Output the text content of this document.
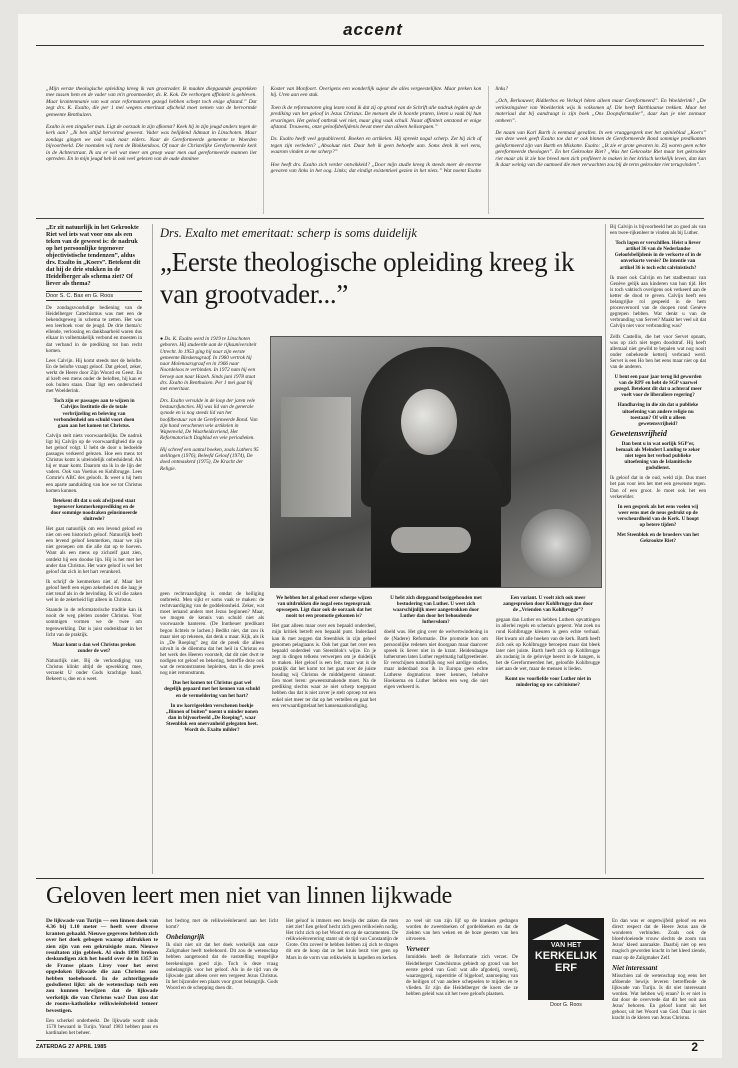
accent

„Mijn eerste theologische opleiding kreeg ik van grootvader. Ik maakte diepgaande gesprekken mee tussen hem en de vader van m'n grootmoeder, ds. R. Kok. De verborgen affiniteit is gebleven. Maar krantenmanie van wat onze reformatoren gezegd hebben schept toch enige afstand.” Dat zegt drs. K. Exalto, die per 1 mei wegens emeritaat afscheid moet nemen van de hervormde gemeente Benthuizen.

Exalto is een zingulier man. Ligt de oorzaak in zijn afkomst? Keek hij in zijn jeugd anders tegen de kerk aan? „Ik ben altijd hervormd geweest. Vader was belijdend lidmaat in Linschoten. Maar zondags gingen we ook vaak naar elders. Naar de Gereformeerde gemeente te Woerden bijvoorbeeld. Die noemden wij toen de Blokkendoos. Of naar de Christelijke Gereformeerde kerk in de Achterstraat. Ik sta er wel wat meer om groep waar men oud gereformeerde mannen liet optreden. En in mijn jeugd heb ik ook veel gelezen van de oude dominee

Koster van Monfoort. Overigens een wonderlijk sujeur die alles vergeestelijkte. Maar preken kon hij. Uren aan een stuk.

Toen ik de reformatoren ging lezen vond ik dat zij op grond van de Schrift alle nadruk legden op de prediking van het geloof in Jezus Christus. De mensen die ik hoorde praten, lieten u vaak bij hun ervaringen. Het geloof ontbrak wel niet, maar ging vaak schuil. Naast affiniteit ontstond er enige afstand. Trouwens, onze geloofsbelijdenis bevat meer dan alleen heilsorgaen.”

Ds. Exalto heeft veel gepubliceerd. Boeken en artikelen. Hij spreekt nogal scherp. Zet hij zich af tegen zijn verleden? „Absoluut niet. Daar heb ik geen behoefte aan. Soms denk ik wel eens, waarom vinden ze me scherp?”

Hoe heeft drs. Exalto zich verder ontwikkeld? „Door mijn studie kreeg ik steeds meer de enorme gevaren van links in het oog. Links; dat eindigt existentieel gezien in het niets.” Wat noemt Exalto links?

„Och, Berkouwer, Ridderbos en Verkuyl hèten alleen maar Gereformeerd”. En Woelderink? „De verkiezingsleer van Woelderink wijs ik volkomen af. Die heeft Barthiaanse trekken. Maar het materiaal dat bij aandraagt is zijn boek „Ons Doopsformulier”, daar kun je niet zonnaar omheen”.

De naam van Karl Barth is eenmaal gevallen. In een vraaggesprek met het opinieblad „Koers” van deze week geeft Exalto toe dat er ook binnen de Gereformeerde Bond sommige predikanten geïnformeerd zijn van Barth en Miskotte. Exalto: „Ik zie er grote gevaren in. Zij waren geen echte gereformeerde theologen”. En het Gekrookte Riet? „Was het Gekrookte Riet maar het gekrookte riet maar als ik zie hoe breed men zich profileert in maken in het kritisch kerkelijk leven, dan kan ik daar weinig van die outmoed die men verwachten zou bij de term gekrookte riet terugvinden”.

„Er zit natuurlijk in het Gekrookte Riet wel iets wat voor ons als een teken van de geweest is: de nadruk op het persoonlijke tegenover objectivistische tendenzen”, aldus drs. Exalto in „Koers”. Betekent dit dat hij de drie stukken in de Heidelberger als schema ziet? Of liever als thema?

Door S. C. Bax en G. Roos

De zondagsvoorkdige bediening van de Heidelberger Catechismus was met een de bekendsgeweg in schema te zetten. Het was een leerboek voor de jeugd. De drie thema's: ellende, verlossing en dankbaarheid waren dus elkaar in volbemakelijk verbond en moesten in dat verband in de prediking tot hun recht komen.

Lees Calvijn. Hij komt steeds met de belofte. En de belofte vraagt geloof. Dat geloof, zeker, werkt de Heere door Zijn Woord en Geest. En al kreft een mens onder de beloften, hij kan er ook buiten staan. Daar ligt een onderscheid met Woelderink.

Toch zijn er passages aan te wijzen in Calvijns Institutie die de totale verbrijzeling en beleving van verbondenheid om schuld voort doen gaan aan het komen tot Christus.

Calvijn stelt niets voorwaardelijks. De nadruk ligt bij Calvijn op de voorwaardigheid die op het geloof volgt. U hebt de door u bedoelde passages verkeerd gelezen. Hoe een mens tot Christus komt is uiteindelijk onbeduidend. Als hij er maar komt. Daarom sta ik in de lijn der vaders. Ook van Voetius en Kohlbrugge. Lees Comrie's ABC des geloofs. Ik weet u hij hem een aparte aanduiding van hoe we tot Christus komen kunnen.

Betekent dit dat u ook afwijzend staat tegenover kenmerkenprediking en de door sommige noodzaken geïnsinueerde sluitrede?

Het gaat natuurlijk om een levend geloof en niet om een historisch geloof. Natuurlijk heeft een levend geloof kenmerken, maar we zijn niet geroepen om die alle dat op te hoeven. Want als een mens op zichzelf gaat zien, ontdekt hij een doodse lijn. Hij is het met het ander dan Christus. Het ware geloof is wel het geloof dat zich in het hart verankerd.

Ik schrijf de kenmerken niet af. Maar het geloof heeft een eigen zekerheid en die laag je niet tenaf als in de bevinding. Ik wil die zaken wel in de zekerheid ligt alleen in Christus.

Staande in de reformatorische traditie kan ik nooit de weg pleiten zonder Christus. Voor sommigen vormen we de twee om tegenwerkling. Dat is juist ondenkbaar in het licht van de praktijk.

Maar komt u dan wel Christus preken zonder de wet?

Natuurlijk niet. Bij de verkondiging van Christus klinkt altijd de opwekking mee, verzoekt U onder Gods krachtige hand. Bekeert u, doe en u weet.

Drs. Exalto met emeritaat: scherp is soms duidelijk
„Eerste theologische opleiding kreeg ik van grootvader...”

● Ds. K. Exalto werd in 1919 te Linschoten geboren. Hij studeerde aan de rijksuniversiteit Utrecht. In 1953 ging hij naar zijn eerste gemeente Bleskensgraaf. In 1960 vertrok hij naar Molenaarsgraaf en in 1966 naar Noordeloos te verbinden. In 1972 nam hij een beroep aan naar Hazeh. Sinds juni 1978 staat drs. Exalto in Benthuizen. Per 1 mei gaat hij met emeritaat.

Drs. Exalto vervulde in de loop der jaren vele bestuursfuncties. Hij was lid van de generale synode en is nog steeds lid van het hoofdbestuur van de Gereformeerde Bond. Van zijn hand verschenen vele artikelen in Wapenveld, De Waarheidsvriend, Het Reformatorisch Dagblad en vele periodieken.

Hij schreef een aantal boeken, zoals Luthers 95 stellingen (1976), Beleefd Geloof (1974), De doed ontmaskerd (1975), De Kracht der Religie.

geen rechtvaardiging is omdat de heiliging ontbreekt. Men sijkt er soms vaak te maken: de rechtvaardiging van de goddeloosheid. Zeker, wat moet iemand anders met Jezus beginnen? Maar, we mogen de kennis van schuld niet als voorwaarde hanteren. (De Inntheuer predikant begon lichteis te lachen.) Bedikt niet, dat zou ik maar niet op rekenen, dat denk u maar. Kijk, als ik in „De Roeping” zeg dat de preek die alleen uitvult in de dilemma dat het heil in Christus en het werk des Heeren voorstelt, dat dit niet dwrt te nodigen tot geloof en bekering, betreffie deze ook wat de remonstranten bepleiten, dan is die preek nog niet remonstrants.

Dus het komen tot Christus gaat wel degelijk gepaard met het kennen van schuld en de vermeldering van het hart?

In uw korrigeelden verschenen boekje „Binnen of buiten” noemt u minder nonen dan in bijvoorbeeld „De Roeping”, waar Steenblok een onervanheid gelegaten heet. Wordt ds. Exalto milder?

We hebben het al gehad over scherpe wijzen van uitdrukken die nogal eens tegenspraak opwoepen. Ligt daar ook de oorzaak dat het nooit tot een promotie gekomen is?

Het gaat alleen maar over een bepaald onderdeel, mijn kritiek betreft een bepaald punt. Inderdaad kan ik met zeggen dat Steenblok in zijn geheel genomen pelagiaans is. Ook het gaat het over een bepaald onderdeel van Steenblok's wijze. En je zegt in dingen telkens verwerpen om je duidelijk te maken. Het geloof is een feit, maar wat is de praktijk dat het komt tot het gaat over de juiste houding wij Christus de middelgeerst sinneart. Een moet leren: geweestsmakende moet. Na de prediking slechts waar ze niet scherp toegepast hebben dus dat is niet zover je stelt oproep tot een enkel niet meer ter dat op het vertellen en gaat het een verwaardigstelaat het kansenaankondiging.

U hebt zich diepgaand beziggehouden met bestudering van Luther. U weet zich waarschijnlijk meer aangetrokken door Luther dan door het behoudende luthersdom?

doeld was. Het ging over de welvertwindening in de (Nadere) Reformatie. Die promotie kon om persoonlijke redenen niet doorgaan maar daarover spreek ik liever niet in de krant. Heidendaagse luthersmen laten Luther regelmatig halfgreetlenier. Er verschijnen natuurlijk nog wel aardige studies, maar inderdaad zou ik in Europa geen echte Lutherse dogmaticus meer kennen, behalve Hoeksema en Luther hebben een weg die niet eigen verkeerd is.

Een variant. U voelt zich ook meer aangesproken door Kohlbrugge dan door de „Vrienden van Kohlbrugge”?

gegaan dan Luther en hebben Luthers opvattingen in allerlei regels en schema's geperst. Wat zoek nu rond Kohlbrugge kleuren is geen echte verhaal. Het kwam uit alle hoeken van de kerk. Barth heeft zich ook op Kohlbrugge beroepen maar dat bleek later niet juiste. Barth heeft zich op Kohlbrugge als zodanig in de gelovige heerst in de hangen, is het de Gereformeerden het, geloofde Kohlbrugge niet aan de wet, maar de mensen is lieden.

Komt uw voorliefde voor Luther niet in mindering op uw calvinisme?

Bij Calvijn is bijvoorbeeld het zo goed als van een twee-rijkenleer te vinden als bij Luther.

Toch lagen er verschillen. Heist u liever artikel 36 van de Nederlandse Geloofsbelijdenis in de verkorte of in de onverkorte versie? De intentie van artikel 36 is toch echt calvinistisch?

Ik moet ook Calvijn en het stadbestuur van Genève gelijk aan kinderen van hun tijd. Het is toch vaktisch overigens ook verkeerd aan de ketter de dood te geven. Calvijn heeft een belangrijke rol gespeeld in de hem procesveroord van de doopen rond Genève gegrepen hebben. Wat denkt u van de verbranding van Servet? Maakt het veel uit dat Calvijn niet voor verbranding was?

Zelfs Castellio, die het voor Servet opnam, was op zich niet tegen doodstraf. Hij heeft allemaal niet gewild te bepalen wat nog nooit onder onbekende ketterij verbrand werd. Servet is een Ho ben het eens maar niet op dat van de anderen.

U bent een paar jaar terug lid geworden van de RPF en hebt de SGP vaarwel gezegd. Betekent dit dat u achteraf meer voelt voor de liberaliere regering?

Handhaving in die zin dat u publieke uitoefening van andere religie nu toestaan? Of wilt u alleen gewetensvrijheid?

Gewetensvrijheid

Dan bent u in wat oorlijk SGP'er, bemaak als Meindert Lomling te zeker niet tegen het verbod publieke uitoefening van de Islamitische godsdienst.

Ik geloof dat in de oud, weld zijn. Dus moet het pas voor iets het met een gewenste tegen. Dan of een groot. Je moet ook het een verkerelder.

In een gesprek als het eens voelen wij weer eens met de neus gedrukt op de verscheurdheid van de Kerk. U hoopt op betere tijden?

Met Steenblok en de broeders van het Gekrookte Riet?

Geloven leert men niet van linnen lijkwade

De lijkwade van Turijn — een linnen doek van 4.36 bij 1.10 meter — heeft weer diverse kranten gehaald. Nieuwe gegevens hebben zich over het doek gebogen waarop afdrukken te zien zijn van een gekruisigde man. Nieuwe resultaten zijn gebleek. Al sinds 1898 breken deskundigen zich het hoofd over de in 1357 in de Franse plaats Lirey voor het eerst opgedoken lijkwade die aan Christus zou hebben toebehoord. In de achterliggende godsdienst lijkt: als de wetenschap toch een zou kunnen bewijzen dat de lijkwade werkelijk die van Christus was? Dan zou dat de rooms-katholieke relikwieënbeleid temeer bevestigen.

Een scherkel onderbeekt. De lijkwade wordt sinds 1578 bewaard in Turijn. Vanaf 1983 hebben paus en kardinalen het beheer.

het bedrog met de relikwieënleraerd aan het licht komt?

Onbelangrijk

Ik sluit niet uit dat het doek werkelijk aan onze Zaligmaker heeft toebehoord. Dit zou de wetenschap hebben aangetoond dat de vaststelling mogelijke berekeningen goed zijn. Toch is deze vraag onbelangrijk voor het geloof. Als in de tijd van de lijkwade gaat alleen over een vergeest Jezus Christus. In het bijzonder een plaats voor groot belangrijk. Gods Woord en de schepping doen dit.

Het geloof is immers een bewijs der zaken die men niet ziet! Een geloof hecht zich geen relikwieën nodig. Het richt zich op het Woord en op de sacramenten. De relikwieënverering stamt uit de tijd van Constantijn de Grote. Om zoveel te hebben hebben zij zich te dragen dit om de hoop dat ze het kruis bezit vier geen op Mars in de vorm van relikwieën in kapellen en kerken.

zo veel uit van zijn lijf op de kranken gedragen worden de zweetdoeken of gordeldoeken en dat de ziekten van hen weken en de boze geesten van hen uitvoeren.

Verweer

Inmiddels heeft de Reformatie zich verzet. De Heidelberger Catechismus gebiedt op grond van het eerste gebod van God: wat alle afgoderij, toverij, waarzeggerij, superstitie of bijgeloof, aanroeping van de heiligen of van andere schepselen te mijden en te vlieden. Er zijn die Heidelberger de koers die ze hebben geleid was uit het twee geloofs plaatsen.

VAN HET
KERKELIJK
ERF
Door G. Roos

En dan was er ongetwijfeld geloof en een direct respect dat de Heere Jezus aan de wonderen verbinden. Zoals ook de bloedvloeiende vrouw slechts de zoom van Jezus' kleed aanraakte. Daarbij niet op een magisch geworden kracht in het kleed ziende, maar op de Zaligmaker Zelf.

Niet interessant

Misschien zal de wetenschap nog eens het afdoende bewijs leveren betreffende de lijkwade van Turijn. Is dit niet interessant worden. Wat hebben wij eraan? Is er niet in dat door de overvrede dat dit het ooit aan Jezus' behoren. En geloof komt uit het gehoor, uit het Woord van God. Daar is niet kracht in de kleren van Jezus Christus.

ZATERDAG 27 APRIL 1985	2
